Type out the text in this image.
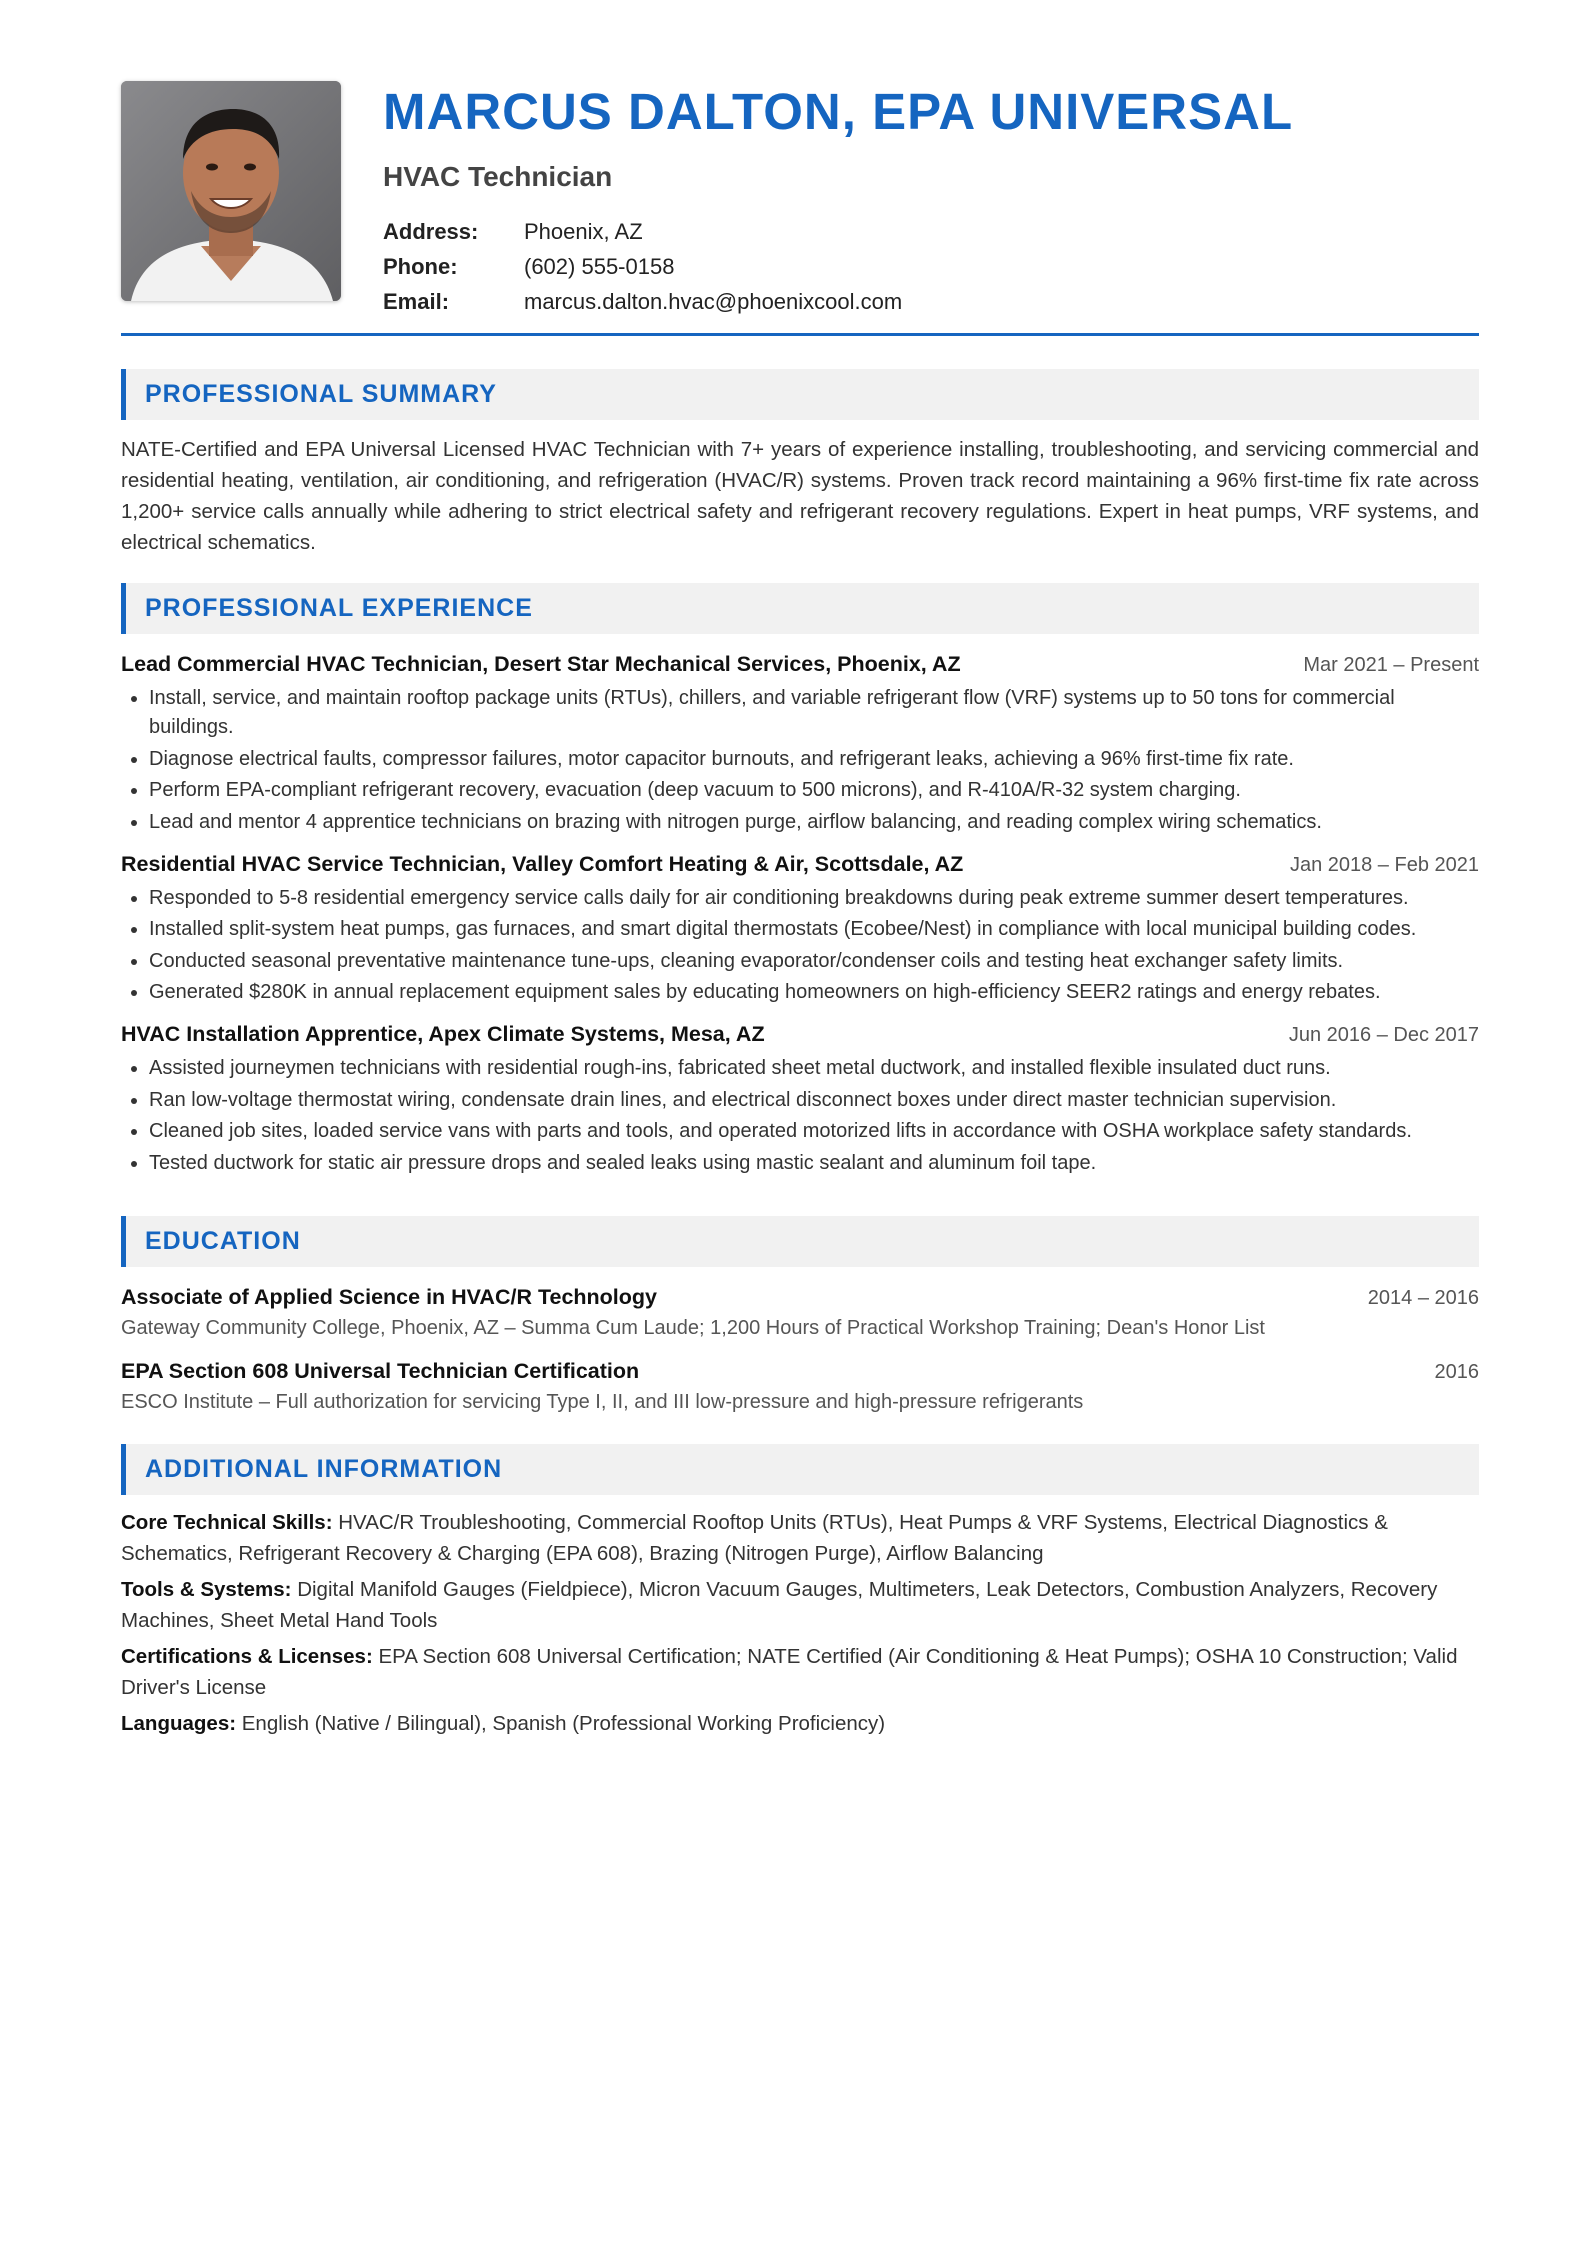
MARCUS DALTON, EPA UNIVERSAL
HVAC Technician
Address:	Phoenix, AZ
Phone:	(602) 555-0158
Email:	marcus.dalton.hvac@phoenixcool.com
PROFESSIONAL SUMMARY

NATE-Certified and EPA Universal Licensed HVAC Technician with 7+ years of experience installing, troubleshooting, and servicing commercial and residential heating, ventilation, air conditioning, and refrigeration (HVAC/R) systems. Proven track record maintaining a 96% first-time fix rate across 1,200+ service calls annually while adhering to strict electrical safety and refrigerant recovery regulations. Expert in heat pumps, VRF systems, and electrical schematics.

PROFESSIONAL EXPERIENCE
Lead Commercial HVAC Technician, Desert Star Mechanical Services, Phoenix, AZ	Mar 2021 – Present
• Install, service, and maintain rooftop package units (RTUs), chillers, and variable refrigerant flow (VRF) systems up to 50 tons for commercial buildings.
• Diagnose electrical faults, compressor failures, motor capacitor burnouts, and refrigerant leaks, achieving a 96% first-time fix rate.
• Perform EPA-compliant refrigerant recovery, evacuation (deep vacuum to 500 microns), and R-410A/R-32 system charging.
• Lead and mentor 4 apprentice technicians on brazing with nitrogen purge, airflow balancing, and reading complex wiring schematics.
Residential HVAC Service Technician, Valley Comfort Heating & Air, Scottsdale, AZ	Jan 2018 – Feb 2021
• Responded to 5-8 residential emergency service calls daily for air conditioning breakdowns during peak extreme summer desert temperatures.
• Installed split-system heat pumps, gas furnaces, and smart digital thermostats (Ecobee/Nest) in compliance with local municipal building codes.
• Conducted seasonal preventative maintenance tune-ups, cleaning evaporator/condenser coils and testing heat exchanger safety limits.
• Generated $280K in annual replacement equipment sales by educating homeowners on high-efficiency SEER2 ratings and energy rebates.
HVAC Installation Apprentice, Apex Climate Systems, Mesa, AZ	Jun 2016 – Dec 2017
• Assisted journeymen technicians with residential rough-ins, fabricated sheet metal ductwork, and installed flexible insulated duct runs.
• Ran low-voltage thermostat wiring, condensate drain lines, and electrical disconnect boxes under direct master technician supervision.
• Cleaned job sites, loaded service vans with parts and tools, and operated motorized lifts in accordance with OSHA workplace safety standards.
• Tested ductwork for static air pressure drops and sealed leaks using mastic sealant and aluminum foil tape.
EDUCATION
Associate of Applied Science in HVAC/R Technology	2014 – 2016
Gateway Community College, Phoenix, AZ – Summa Cum Laude; 1,200 Hours of Practical Workshop Training; Dean's Honor List
EPA Section 608 Universal Technician Certification	2016
ESCO Institute – Full authorization for servicing Type I, II, and III low-pressure and high-pressure refrigerants
ADDITIONAL INFORMATION
Core Technical Skills: HVAC/R Troubleshooting, Commercial Rooftop Units (RTUs), Heat Pumps & VRF Systems, Electrical Diagnostics & Schematics, Refrigerant Recovery & Charging (EPA 608), Brazing (Nitrogen Purge), Airflow Balancing
Tools & Systems: Digital Manifold Gauges (Fieldpiece), Micron Vacuum Gauges, Multimeters, Leak Detectors, Combustion Analyzers, Recovery Machines, Sheet Metal Hand Tools
Certifications & Licenses: EPA Section 608 Universal Certification; NATE Certified (Air Conditioning & Heat Pumps); OSHA 10 Construction; Valid Driver's License
Languages: English (Native / Bilingual), Spanish (Professional Working Proficiency)
